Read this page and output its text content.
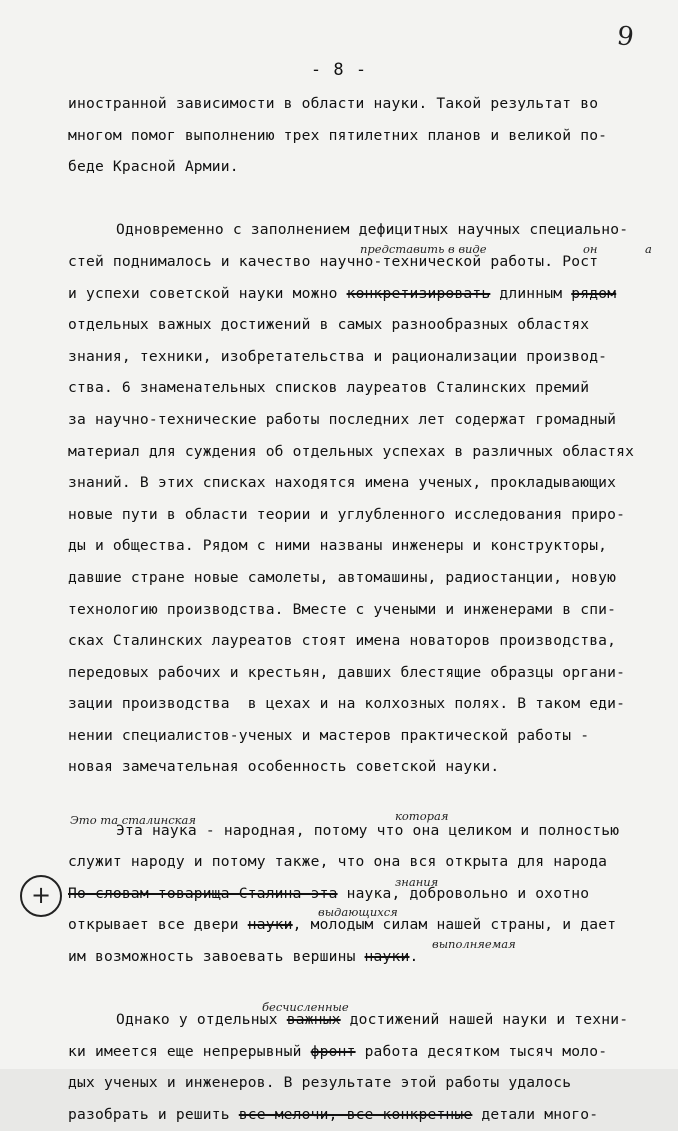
9
- 8 -
иностранной зависимости в области науки. Такой результат во
многом помог выполнению трех пятилетних планов и великой по-
беде Красной Армии.
Одновременно с заполнением дефицитных научных специально-
стей поднималось и качество научно-технической работы. Рост
и успехи советской науки можно конкретизировать длинным рядом
отдельных важных достижений в самых разнообразных областях
знания, техники, изобретательства и рационализации производ-
ства. 6 знаменательных списков лауреатов Сталинских премий
за научно-технические работы последних лет содержат громадный
материал для суждения об отдельных успехах в различных областях
знаний. В этих списках находятся имена ученых, прокладывающих
новые пути в области теории и углубленного исследования приро-
ды и общества. Рядом с ними названы инженеры и конструкторы,
давшие стране новые самолеты, автомашины, радиостанции, новую
технологию производства. Вместе с учеными и инженерами в спи-
сках Сталинских лауреатов стоят имена новаторов производства,
передовых рабочих и крестьян, давших блестящие образцы органи-
зации производства  в цехах и на колхозных полях. В таком еди-
нении специалистов-ученых и мастеров практической работы -
новая замечательная особенность советской науки.
Эта наука - народная, потому что она целиком и полностью
служит народу и потому также, что она вся открыта для народа
По словам товарища Сталина эта наука, добровольно и охотно
открывает все двери науки, молодым силам нашей страны, и дает
им возможность завоевать вершины науки.
Однако у отдельных важных достижений нашей науки и техни-
ки имеется еще непрерывный фронт работа десятком тысяч моло-
дых ученых и инженеров. В результате этой работы удалось
разобрать и решить все мелочи, все конкретные детали много-
представить в виде	он	а
Это та сталинская	которая
знания
выдающихся
выполняемая
бесчисленные
+
